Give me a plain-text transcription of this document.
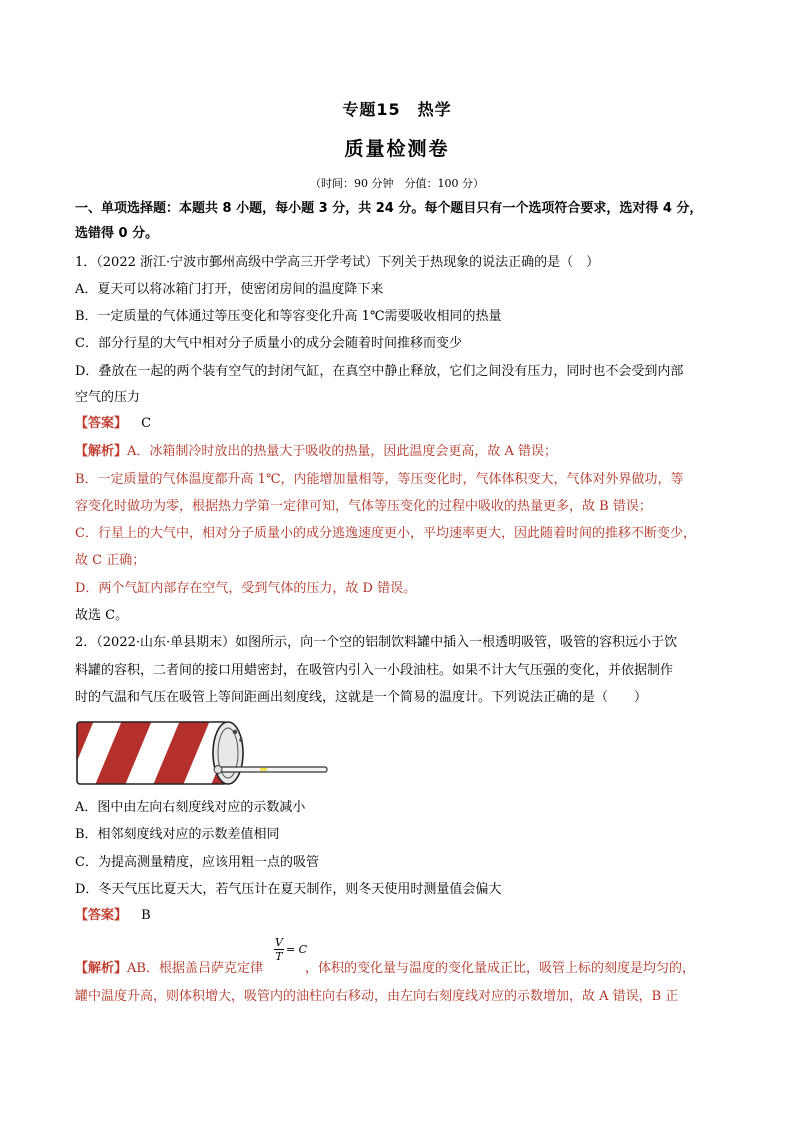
专题15　热学
质量检测卷
（时间：90 分钟　分值：100 分）
一、单项选择题：本题共 8 小题，每小题 3 分，共 24 分。每个题目只有一个选项符合要求，选对得 4 分，
选错得 0 分。
1．（2022 浙江·宁波市鄞州高级中学高三开学考试）下列关于热现象的说法正确的是（　）
A．夏天可以将冰箱门打开，使密闭房间的温度降下来
B．一定质量的气体通过等压变化和等容变化升高 1℃需要吸收相同的热量
C．部分行星的大气中相对分子质量小的成分会随着时间推移而变少
D．叠放在一起的两个装有空气的封闭气缸，在真空中静止释放，它们之间没有压力，同时也不会受到内部
空气的压力
【答案】 C
【解析】A．冰箱制冷时放出的热量大于吸收的热量，因此温度会更高，故 A 错误；
B．一定质量的气体温度都升高 1℃，内能增加量相等，等压变化时，气体体积变大，气体对外界做功，等
容变化时做功为零，根据热力学第一定律可知，气体等压变化的过程中吸收的热量更多，故 B 错误；
C．行星上的大气中，相对分子质量小的成分逃逸速度更小，平均速率更大，因此随着时间的推移不断变少，
故 C 正确；
D．两个气缸内部存在空气，受到气体的压力，故 D 错误。
故选 C。
2．（2022·山东·单县期末）如图所示，向一个空的铝制饮料罐中插入一根透明吸管，吸管的容积远小于饮
料罐的容积，二者间的接口用蜡密封，在吸管内引入一小段油柱。如果不计大气压强的变化，并依据制作
时的气温和气压在吸管上等间距画出刻度线，这就是一个简易的温度计。下列说法正确的是（　　）
A．图中由左向右刻度线对应的示数减小
B．相邻刻度线对应的示数差值相同
C．为提高测量精度，应该用粗一点的吸管
D．冬天气压比夏天大，若气压计在夏天制作，则冬天使用时测量值会偏大
【答案】 B
【解析】AB．根据盖吕萨克定律	，体积的变化量与温度的变化量成正比，吸管上标的刻度是均匀的，
$\frac{V}{T} = C$
罐中温度升高，则体积增大，吸管内的油柱向右移动，由左向右刻度线对应的示数增加，故 A 错误，B 正
